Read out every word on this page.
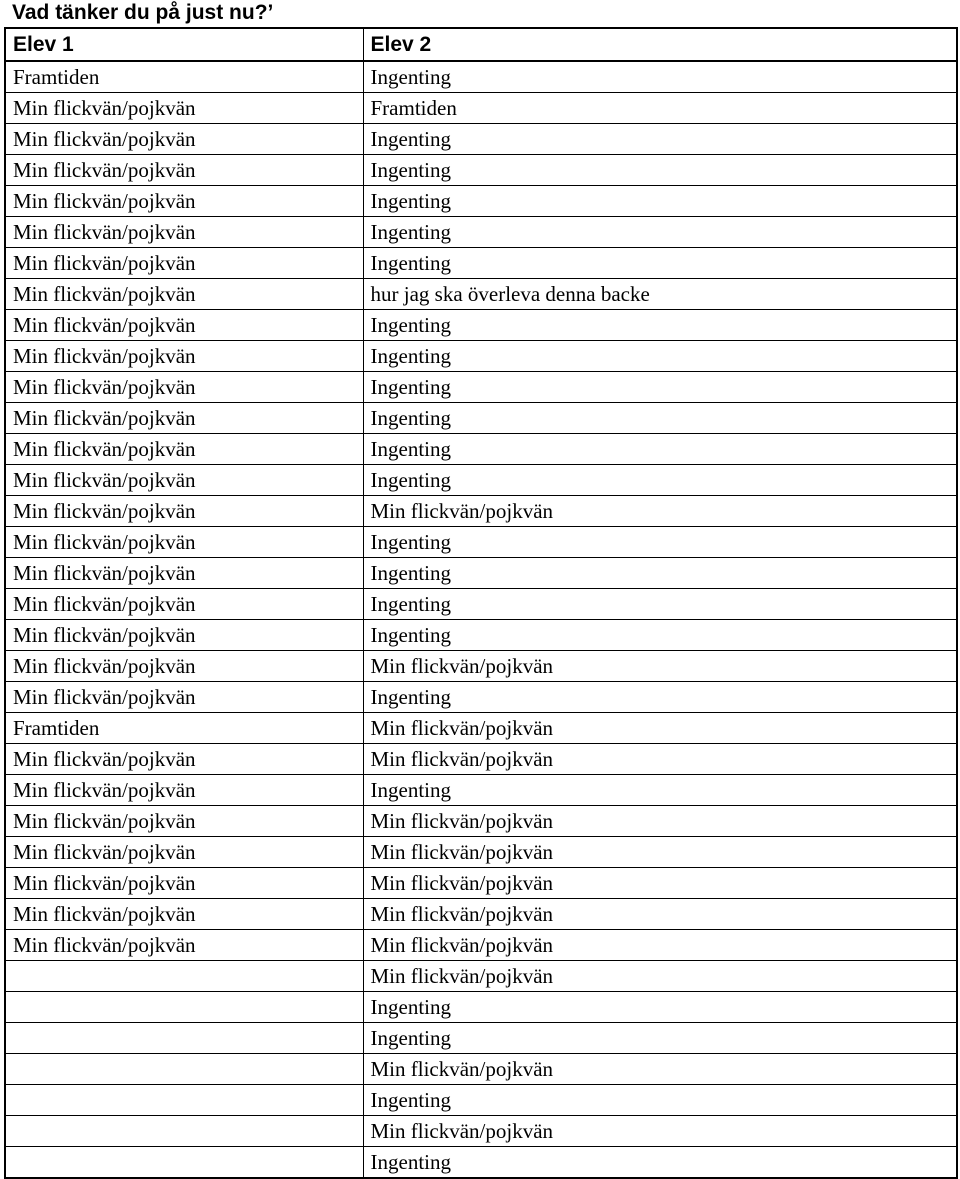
Vad tänker du på just nu?’
Elev 1	Elev 2
Framtiden	Ingenting
Min flickvän/pojkvän	Framtiden
Min flickvän/pojkvän	Ingenting
Min flickvän/pojkvän	Ingenting
Min flickvän/pojkvän	Ingenting
Min flickvän/pojkvän	Ingenting
Min flickvän/pojkvän	Ingenting
Min flickvän/pojkvän	hur jag ska överleva denna backe
Min flickvän/pojkvän	Ingenting
Min flickvän/pojkvän	Ingenting
Min flickvän/pojkvän	Ingenting
Min flickvän/pojkvän	Ingenting
Min flickvän/pojkvän	Ingenting
Min flickvän/pojkvän	Ingenting
Min flickvän/pojkvän	Min flickvän/pojkvän
Min flickvän/pojkvän	Ingenting
Min flickvän/pojkvän	Ingenting
Min flickvän/pojkvän	Ingenting
Min flickvän/pojkvän	Ingenting
Min flickvän/pojkvän	Min flickvän/pojkvän
Min flickvän/pojkvän	Ingenting
Framtiden	Min flickvän/pojkvän
Min flickvän/pojkvän	Min flickvän/pojkvän
Min flickvän/pojkvän	Ingenting
Min flickvän/pojkvän	Min flickvän/pojkvän
Min flickvän/pojkvän	Min flickvän/pojkvän
Min flickvän/pojkvän	Min flickvän/pojkvän
Min flickvän/pojkvän	Min flickvän/pojkvän
Min flickvän/pojkvän	Min flickvän/pojkvän
	Min flickvän/pojkvän
	Ingenting
	Ingenting
	Min flickvän/pojkvän
	Ingenting
	Min flickvän/pojkvän
	Ingenting
